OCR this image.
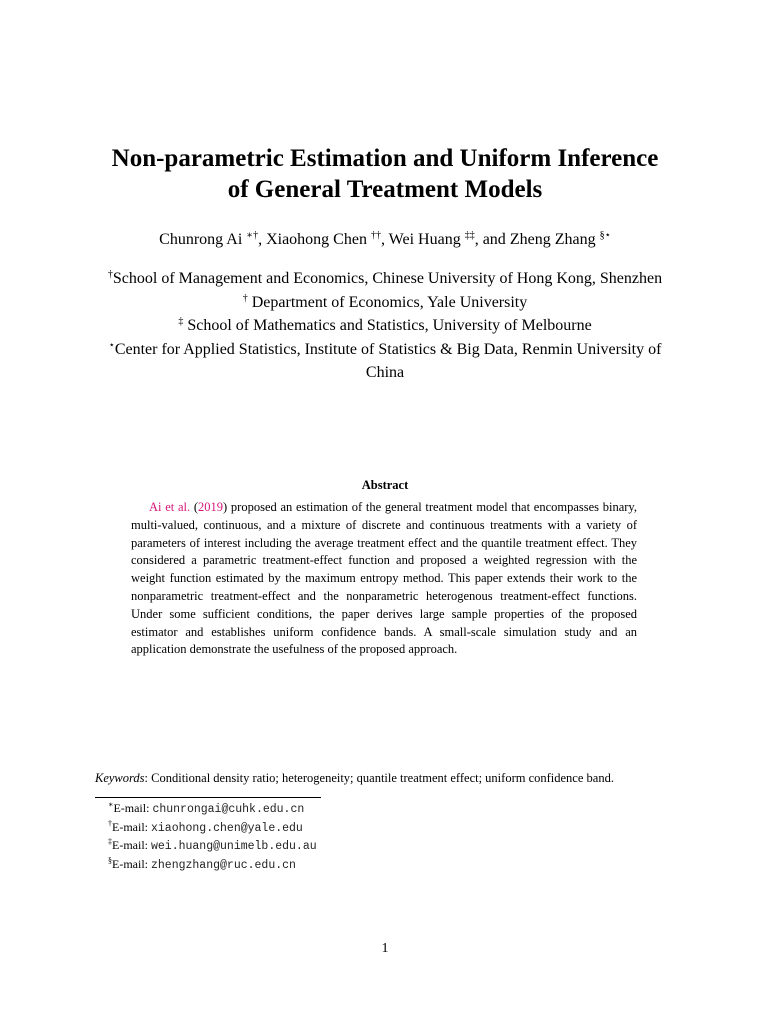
Non-parametric Estimation and Uniform Inference
of General Treatment Models
Chunrong Ai ∗†, Xiaohong Chen ††, Wei Huang ‡‡, and Zheng Zhang §⋆
†School of Management and Economics, Chinese University of Hong Kong, Shenzhen
† Department of Economics, Yale University
‡ School of Mathematics and Statistics, University of Melbourne
⋆Center for Applied Statistics, Institute of Statistics & Big Data, Renmin University of China
Abstract
Ai et al. (2019) proposed an estimation of the general treatment model that encompasses binary, multi-valued, continuous, and a mixture of discrete and continuous treatments with a variety of parameters of interest including the average treatment effect and the quantile treatment effect. They considered a parametric treatment-effect function and proposed a weighted regression with the weight function estimated by the maximum entropy method. This paper extends their work to the nonparametric treatment-effect and the nonparametric heterogenous treatment-effect functions. Under some sufficient conditions, the paper derives large sample properties of the proposed estimator and establishes uniform confidence bands. A small-scale simulation study and an application demonstrate the usefulness of the proposed approach.
Keywords: Conditional density ratio; heterogeneity; quantile treatment effect; uniform confidence band.
∗E-mail: chunrongai@cuhk.edu.cn
†E-mail: xiaohong.chen@yale.edu
‡E-mail: wei.huang@unimelb.edu.au
§E-mail: zhengzhang@ruc.edu.cn
1
